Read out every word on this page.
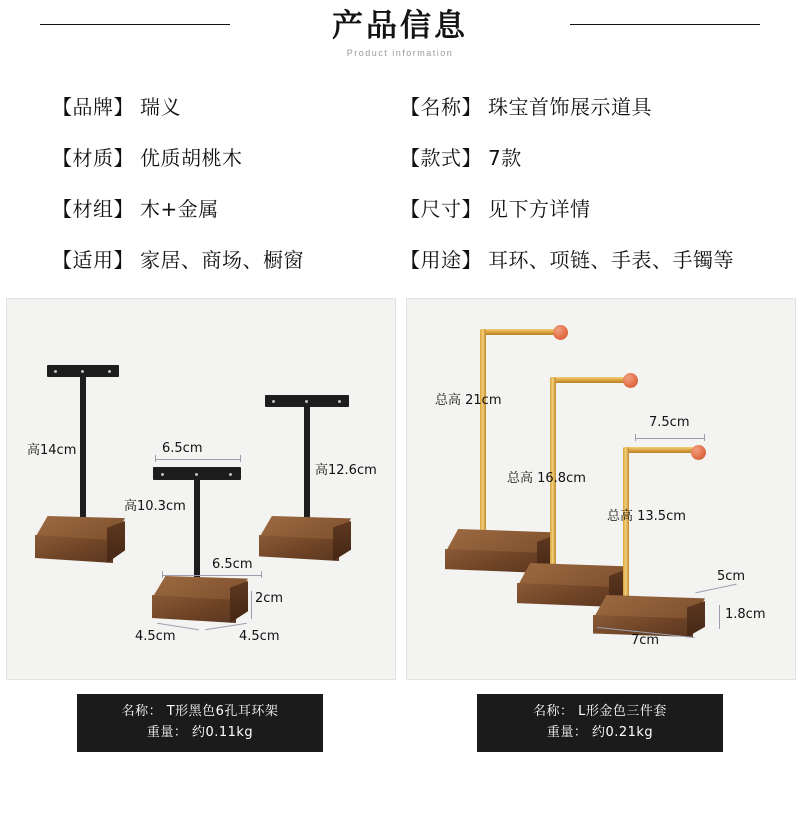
产品信息
Product information
【品牌】 瑞义	【名称】 珠宝首饰展示道具
【材质】 优质胡桃木	【款式】 7款
【材组】 木+金属	【尺寸】 见下方详情
【适用】 家居、商场、橱窗	【用途】 耳环、项链、手表、手镯等
高14cm	6.5cm
高10.3cm
高12.6cm
6.5cm
2cm
4.5cm	4.5cm
名称： T形黑色6孔耳环架
重量： 约0.11kg
总高 21cm
总高 16.8cm
总高 13.5cm
7.5cm
5cm
1.8cm
7cm
名称： L形金色三件套
重量： 约0.21kg
